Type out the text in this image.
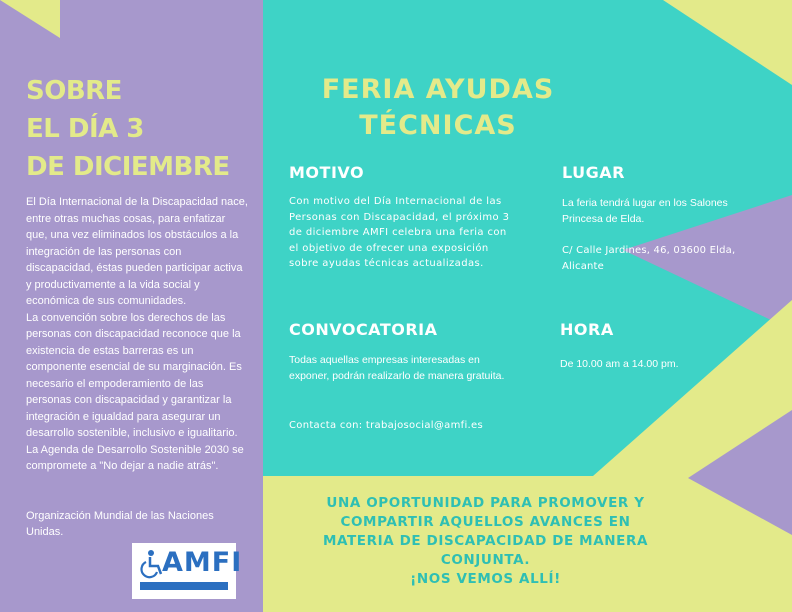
SOBRE
EL DÍA 3
DE DICIEMBRE

El Día Internacional de la Discapacidad nace, entre otras muchas cosas, para enfatizar que, una vez eliminados los obstáculos a la integración de las personas con discapacidad, éstas pueden participar activa y productivamente a la vida social y económica de sus comunidades.

La convención sobre los derechos de las personas con discapacidad reconoce que la existencia de estas barreras es un componente esencial de su marginación. Es necesario el empoderamiento de las personas con discapacidad y garantizar la integración e igualdad para asegurar un desarrollo sostenible, inclusivo e igualitario. La Agenda de Desarrollo Sostenible 2030 se compromete a "No dejar a nadie atrás".

Organización Mundial de las Naciones Unidas.

AMFI
FERIA AYUDAS
TÉCNICAS
MOTIVO

Con motivo del Día Internacional de las Personas con Discapacidad, el próximo 3 de diciembre AMFI celebra una feria con el objetivo de ofrecer una exposición sobre ayudas técnicas actualizadas.

LUGAR

La feria tendrá lugar en los Salones Princesa de Elda.

C/ Calle Jardines, 46, 03600 Elda, Alicante

CONVOCATORIA

Todas aquellas empresas interesadas en exponer, podrán realizarlo de manera gratuita.

Contacta con: trabajosocial@amfi.es

HORA

De 10.00 am a 14.00 pm.

UNA OPORTUNIDAD PARA PROMOVER Y
COMPARTIR AQUELLOS AVANCES EN
MATERIA DE DISCAPACIDAD DE MANERA
CONJUNTA.
¡NOS VEMOS ALLÍ!
